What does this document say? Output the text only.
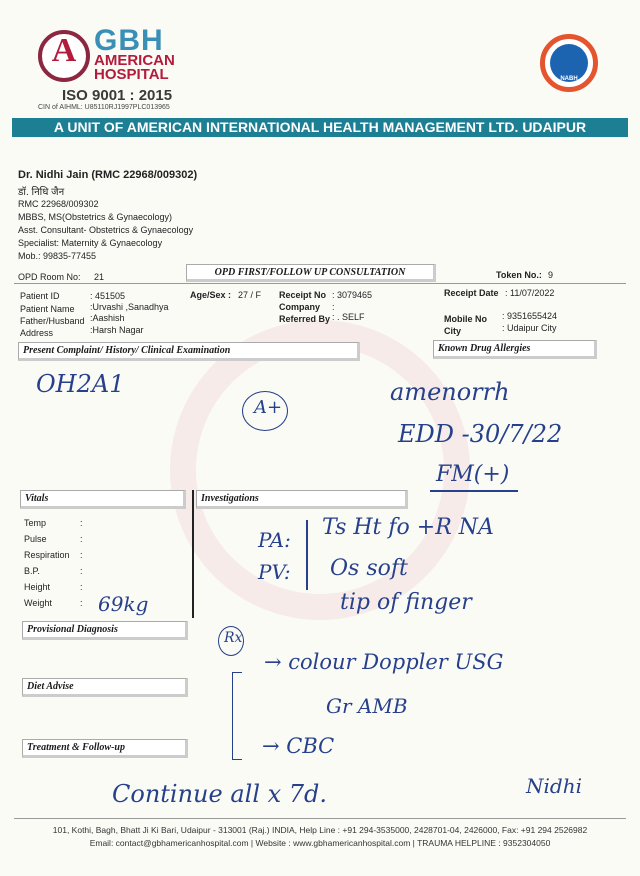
A GBH
AMERICAN
HOSPITAL
ISO 9001 : 2015
CIN of AIHML: U85110RJ1997PLC013965
NABH
A UNIT OF AMERICAN INTERNATIONAL HEALTH MANAGEMENT LTD. UDAIPUR
Dr. Nidhi Jain (RMC 22968/009302)
डॉ. निधि जैन
RMC 22968/009302
MBBS, MS(Obstetrics & Gynaecology)
Asst. Consultant- Obstetrics & Gynaecology
Specialist: Maternity & Gynaecology
Mob.: 99835-77455
OPD Room No: 21	OPD FIRST/FOLLOW UP CONSULTATION	Token No.: 9
Patient ID	: 451505
Patient Name :Urvashi ,Sanadhya
Father/Husband :Aashish
Address	:Harsh Nagar
Age/Sex : 27 / F Receipt No : 3079465
Company :
Referred By : . SELF
Receipt Date : 11/07/2022
Mobile No : 9351655424
City	: Udaipur City
Present Complaint/ History/ Clinical Examination	Known Drug Allergies
Vitals	Investigations
Provisional Diagnosis
Diet Advise
Treatment & Follow-up
Temp	:
Pulse	:
Respiration :
B.P.	:
Height	:
Weight	:
OH2A1
A+
amenorrh
EDD -30/7/22
FM(+)
69kg
PA:
PV:
Ts Ht fo +R NA
Os soft
tip of finger
Rx
→ colour Doppler USG
Gr AMB
→ CBC
Continue all x 7d.	Nidhi
101, Kothi, Bagh, Bhatt Ji Ki Bari, Udaipur - 313001 (Raj.) INDIA, Help Line : +91 294-3535000, 2428701-04, 2426000, Fax: +91 294 2526982
Email: contact@gbhamericanhospital.com | Website : www.gbhamericanhospital.com | TRAUMA HELPLINE : 9352304050
